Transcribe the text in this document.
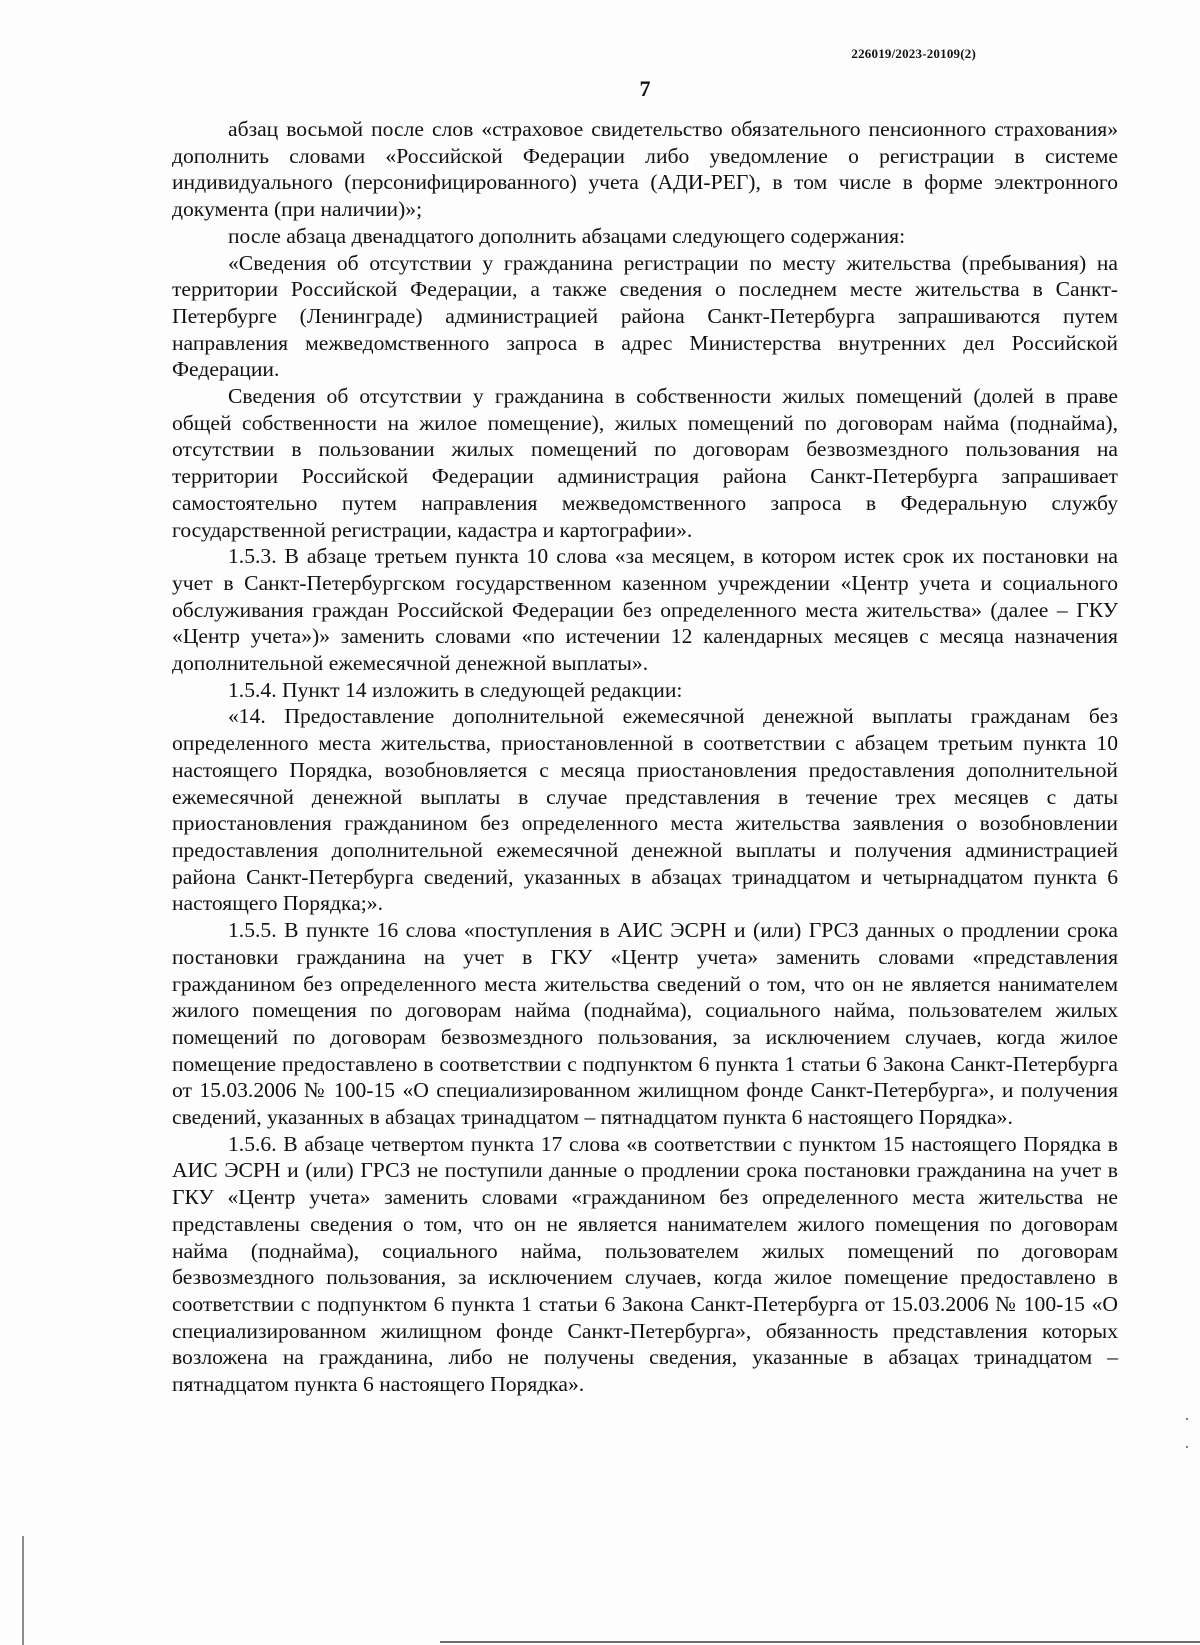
226019/2023-20109(2)
7

абзац восьмой после слов «страховое свидетельство обязательного пенсионного страхования» дополнить словами «Российской Федерации либо уведомление о регистрации в системе индивидуального (персонифицированного) учета (АДИ-РЕГ), в том числе в форме электронного документа (при наличии)»;

после абзаца двенадцатого дополнить абзацами следующего содержания:

«Сведения об отсутствии у гражданина регистрации по месту жительства (пребывания) на территории Российской Федерации, а также сведения о последнем месте жительства в Санкт-Петербурге (Ленинграде) администрацией района Санкт-Петербурга запрашиваются путем направления межведомственного запроса в адрес Министерства внутренних дел Российской Федерации.

Сведения об отсутствии у гражданина в собственности жилых помещений (долей в праве общей собственности на жилое помещение), жилых помещений по договорам найма (поднайма), отсутствии в пользовании жилых помещений по договорам безвозмездного пользования на территории Российской Федерации администрация района Санкт-Петербурга запрашивает самостоятельно путем направления межведомственного запроса в Федеральную службу государственной регистрации, кадастра и картографии».

1.5.3. В абзаце третьем пункта 10 слова «за месяцем, в котором истек срок их постановки на учет в Санкт-Петербургском государственном казенном учреждении «Центр учета и социального обслуживания граждан Российской Федерации без определенного места жительства» (далее – ГКУ «Центр учета»)» заменить словами «по истечении 12 календарных месяцев с месяца назначения дополнительной ежемесячной денежной выплаты».

1.5.4. Пункт 14 изложить в следующей редакции:

«14. Предоставление дополнительной ежемесячной денежной выплаты гражданам без определенного места жительства, приостановленной в соответствии с абзацем третьим пункта 10 настоящего Порядка, возобновляется с месяца приостановления предоставления дополнительной ежемесячной денежной выплаты в случае представления в течение трех месяцев с даты приостановления гражданином без определенного места жительства заявления о возобновлении предоставления дополнительной ежемесячной денежной выплаты и получения администрацией района Санкт-Петербурга сведений, указанных в абзацах тринадцатом и четырнадцатом пункта 6 настоящего Порядка;».

1.5.5. В пункте 16 слова «поступления в АИС ЭСРН и (или) ГРСЗ данных о продлении срока постановки гражданина на учет в ГКУ «Центр учета» заменить словами «представления гражданином без определенного места жительства сведений о том, что он не является нанимателем жилого помещения по договорам найма (поднайма), социального найма, пользователем жилых помещений по договорам безвозмездного пользования, за исключением случаев, когда жилое помещение предоставлено в соответствии с подпунктом 6 пункта 1 статьи 6 Закона Санкт-Петербурга от 15.03.2006 № 100-15 «О специализированном жилищном фонде Санкт-Петербурга», и получения сведений, указанных в абзацах тринадцатом – пятнадцатом пункта 6 настоящего Порядка».

1.5.6. В абзаце четвертом пункта 17 слова «в соответствии с пунктом 15 настоящего Порядка в АИС ЭСРН и (или) ГРСЗ не поступили данные о продлении срока постановки гражданина на учет в ГКУ «Центр учета» заменить словами «гражданином без определенного места жительства не представлены сведения о том, что он не является нанимателем жилого помещения по договорам найма (поднайма), социального найма, пользователем жилых помещений по договорам безвозмездного пользования, за исключением случаев, когда жилое помещение предоставлено в соответствии с подпунктом 6 пункта 1 статьи 6 Закона Санкт-Петербурга от 15.03.2006 № 100-15 «О специализированном жилищном фонде Санкт-Петербурга», обязанность представления которых возложена на гражданина, либо не получены сведения, указанные в абзацах тринадцатом – пятнадцатом пункта 6 настоящего Порядка».
